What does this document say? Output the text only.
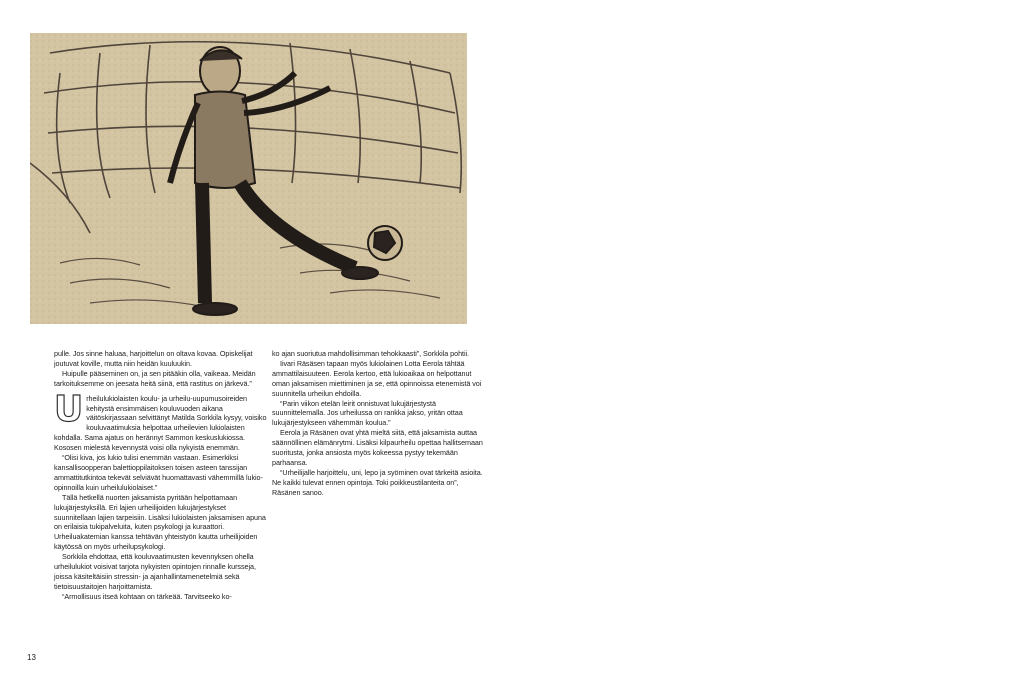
pulle. Jos sinne haluaa, harjoittelun on oltava kovaa. Opiskelijat joutuvat koville, mutta niin heidän kuuluukin.

Huipulle pääseminen on, ja sen pitääkin olla, vaikeaa. Meidän tarkoituksemme on jeesata heitä siinä, että rastitus on järkevä.”

U rheilulukiolaisten koulu- ja urheilu-uupumusoireiden kehitystä ensimmäisen kouluvuoden aikana väitöskirjassaan selvittänyt Matilda Sorkkila kysyy, voisiko kouluvaatimuksia helpottaa urheilevien lukiolaisten kohdalla. Sama ajatus on herännyt Sammon keskuslukiossa. Kososen mielestä kevennystä voisi olla nykyistä enemmän.

“Olisi kiva, jos lukio tulisi enemmän vastaan. Esimerkiksi kansallisoopperan balettioppilaitoksen toisen asteen tanssijan ammattitutkintoa tekevät selviävät huomattavasti vähemmillä lukio-opinnoilla kuin urheilulukiolaiset.”

Tällä hetkellä nuorten jaksamista pyritään helpottamaan lukujärjestyksillä. Eri lajien urheilijoiden lukujärjestykset suunnitellaan lajien tarpeisiin. Lisäksi lukiolaisten jaksamisen apuna on erilaisia tukipalveluita, kuten psykologi ja kuraattori. Urheiluakatemian kanssa tehtävän yhteistyön kautta urheilijoiden käytössä on myös urheilupsykologi.

Sorkkila ehdottaa, että kouluvaatimusten kevennyksen ohella urheilulukiot voisivat tarjota nykyisten opintojen rinnalle kursseja, joissa käsiteltäisiin stressin- ja ajanhallintamenetelmiä sekä tietoisuustaitojen harjoittamista.

“Armollisuus itseä kohtaan on tärkeää. Tarvitseeko ko-

ko ajan suoriutua mahdollisimman tehokkaasti”, Sorkkila pohtii.

Iivari Räsäsen tapaan myös lukiolainen Lotta Eerola tähtää ammattilaisuuteen. Eerola kertoo, että lukioaikaa on helpottanut oman jaksamisen miettiminen ja se, että opinnoissa etenemistä voi suunnitella urheilun ehdoilla.

“Parin viikon etelän leirit onnistuvat lukujärjestystä suunnittelemalla. Jos urheilussa on rankka jakso, yritän ottaa lukujärjestykseen vähemmän koulua.”

Eerola ja Räsänen ovat yhtä mieltä siitä, että jaksamista auttaa säännöllinen elämänrytmi. Lisäksi kilpaurheilu opettaa hallitsemaan suoritusta, jonka ansiosta myös kokeessa pystyy tekemään parhaansa.

“Urheilijalle harjoittelu, uni, lepo ja syöminen ovat tärkeitä asioita. Ne kaikki tulevat ennen opintoja. Toki poikkeustilanteita on”, Räsänen sanoo.

13
